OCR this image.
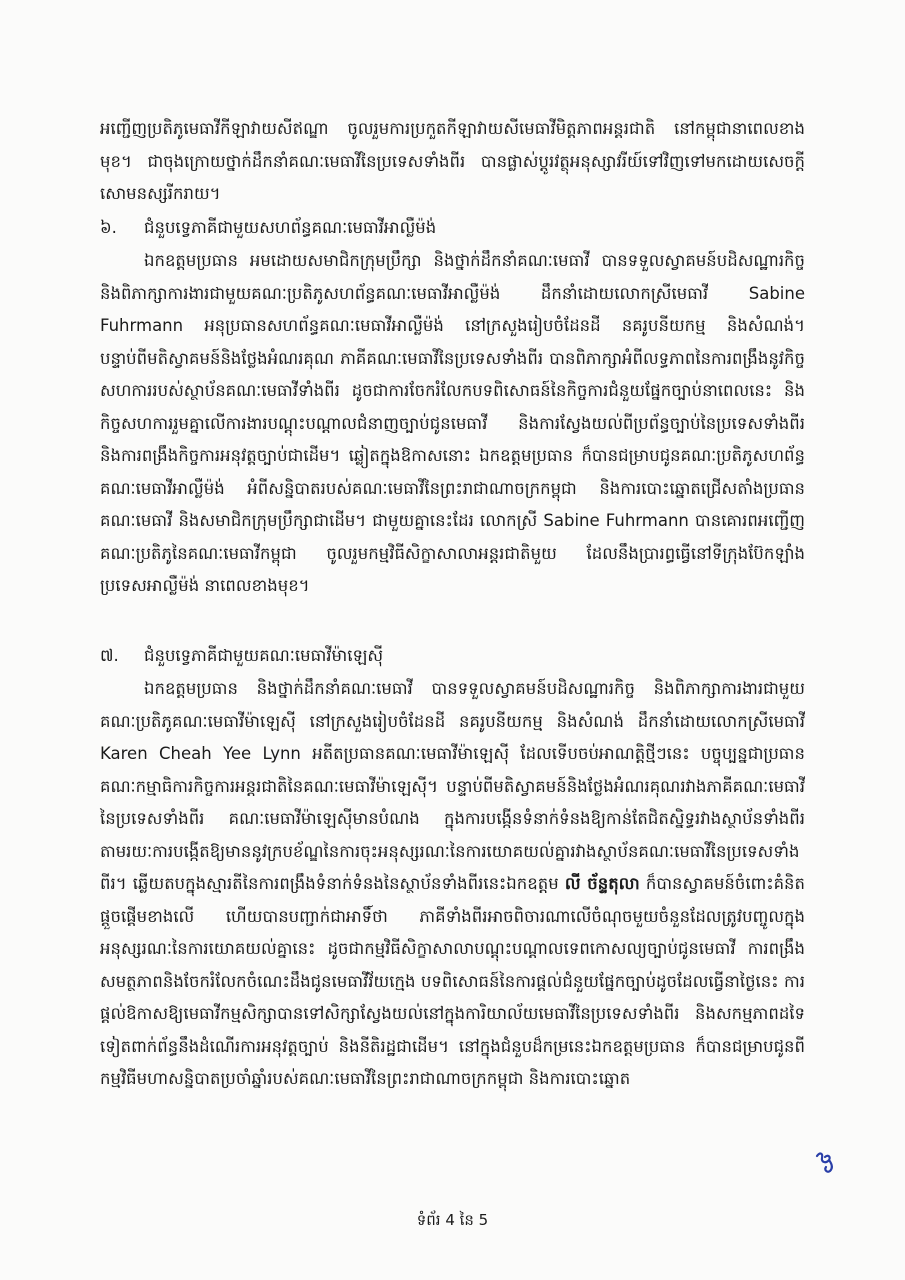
អញ្ជើញប្រតិភូមេធាវីកីឡាវាយសីឥណ្ឌា ចូលរួមការប្រកួតកីឡាវាយសីមេធាវីមិត្តភាពអន្តរជាតិ នៅកម្ពុជានាពេលខាងមុខ។ ជាចុងក្រោយថ្នាក់ដឹកនាំគណៈមេធាវីនៃប្រទេសទាំងពីរ បានផ្លាស់ប្តូរវត្ថុអនុស្សាវរីយ៍ទៅវិញទៅមកដោយសេចក្តីសោមនស្សរីករាយ។

៦. ជំនួបទ្វេភាគីជាមួយសហព័ន្ធគណៈមេធាវីអាល្លឺម៉ង់

ឯកឧត្តមប្រធាន អមដោយសមាជិកក្រុមប្រឹក្សា និងថ្នាក់ដឹកនាំគណៈមេធាវី បានទទួលស្វាគមន៍បដិសណ្ឋារកិច្ចនិងពិភាក្សាការងារជាមួយគណៈប្រតិភូសហព័ន្ធគណៈមេធាវីអាល្លឺម៉ង់ ដឹកនាំដោយលោកស្រីមេធាវី Sabine Fuhrmann អនុប្រធានសហព័ន្ធគណៈមេធាវីអាល្លឺម៉ង់ នៅក្រសួងរៀបចំដែនដី នគរូបនីយកម្ម និងសំណង់។ បន្ទាប់ពីមតិស្វាគមន៍និងថ្លែងអំណរគុណ ភាគីគណៈមេធាវីនៃប្រទេសទាំងពីរ បានពិភាក្សាអំពីលទ្ធភាពនៃការពង្រឹងនូវកិច្ចសហការរបស់ស្ថាប័នគណៈមេធាវីទាំងពីរ ដូចជាការចែករំលែកបទពិសោធន៍នៃកិច្ចការជំនួយផ្នែកច្បាប់នាពេលនេះ និងកិច្ចសហការរួមគ្នាលើការងារបណ្តុះបណ្តាលជំនាញច្បាប់ជូនមេធាវី និងការស្វែងយល់ពីប្រព័ន្ធច្បាប់នៃប្រទេសទាំងពីរ និងការពង្រឹងកិច្ចការអនុវត្តច្បាប់ជាដើម។ ឆ្លៀតក្នុងឱកាសនោះ ឯកឧត្តមប្រធាន ក៏បានជម្រាបជូនគណៈប្រតិភូសហព័ន្ធគណៈមេធាវីអាល្លឺម៉ង់ អំពីសន្និបាតរបស់គណៈមេធាវីនៃព្រះរាជាណាចក្រកម្ពុជា និងការបោះឆ្នោតជ្រើសតាំងប្រធានគណៈមេធាវី និងសមាជិកក្រុមប្រឹក្សាជាដើម។ ជាមួយគ្នានេះដែរ លោកស្រី Sabine Fuhrmann បានគោរពអញ្ជើញគណៈប្រតិភូនៃគណៈមេធាវីកម្ពុជា ចូលរួមកម្មវិធីសិក្ខាសាលាអន្តរជាតិមួយ ដែលនឹងប្រារព្ធធ្វើនៅទីក្រុងប៊ែកឡាំង ប្រទេសអាល្លឺម៉ង់ នាពេលខាងមុខ។

៧. ជំនួបទ្វេភាគីជាមួយគណៈមេធាវីម៉ាឡេស៊ី

ឯកឧត្តមប្រធាន និងថ្នាក់ដឹកនាំគណៈមេធាវី បានទទួលស្វាគមន៍បដិសណ្ឋារកិច្ច និងពិភាក្សាការងារជាមួយគណៈប្រតិភូគណៈមេធាវីម៉ាឡេស៊ី នៅក្រសួងរៀបចំដែនដី នគរូបនីយកម្ម និងសំណង់ ដឹកនាំដោយលោកស្រីមេធាវី Karen Cheah Yee Lynn អតីតប្រធានគណៈមេធាវីម៉ាឡេស៊ី ដែលទើបចប់អាណត្តិថ្មីៗនេះ បច្ចុប្បន្នជាប្រធានគណៈកម្មាធិការកិច្ចការអន្តរជាតិនៃគណៈមេធាវីម៉ាឡេស៊ី។ បន្ទាប់ពីមតិស្វាគមន៍និងថ្លែងអំណរគុណរវាងភាគីគណៈមេធាវីនៃប្រទេសទាំងពីរ គណៈមេធាវីម៉ាឡេស៊ីមានបំណង ក្នុងការបង្កើនទំនាក់ទំនងឱ្យកាន់តែជិតស្និទ្ធរវាងស្ថាប័នទាំងពីរ តាមរយៈការបង្កើតឱ្យមាននូវក្របខ័ណ្ឌនៃការចុះអនុស្សរណៈនៃការយោគយល់គ្នារវាងស្ថាប័នគណៈមេធាវីនៃប្រទេសទាំងពីរ។ ឆ្លើយតបក្នុងស្មារតីនៃការពង្រឹងទំនាក់ទំនងនៃស្ថាប័នទាំងពីរនេះឯកឧត្តម លី ច័ន្ទតុលា ក៏បានស្វាគមន៍ចំពោះគំនិតផ្តួចផ្តើមខាងលើ ហើយបានបញ្ជាក់ជាអាទិ៍ថា ភាគីទាំងពីរអាចពិចារណាលើចំណុចមួយចំនួនដែលត្រូវបញ្ចូលក្នុងអនុស្សរណៈនៃការយោគយល់គ្នានេះ ដូចជាកម្មវិធីសិក្ខាសាលាបណ្តុះបណ្តាលទេពកោសល្យច្បាប់ជូនមេធាវី ការពង្រឹងសមត្ថភាពនិងចែករំលែកចំណេះដឹងជូនមេធាវីវ័យក្មេង បទពិសោធន៍នៃការផ្តល់ជំនួយផ្នែកច្បាប់ដូចដែលធ្វើនាថ្ងៃនេះ ការផ្តល់ឱកាសឱ្យមេធាវីកម្មសិក្សាបានទៅសិក្សាស្វែងយល់នៅក្នុងការិយាល័យមេធាវីនៃប្រទេសទាំងពីរ និងសកម្មភាពដទៃទៀតពាក់ព័ន្ធនឹងដំណើរការអនុវត្តច្បាប់ និងនីតិរដ្ឋជាដើម។ នៅក្នុងជំនួបដ៏កម្រនេះឯកឧត្តមប្រធាន ក៏បានជម្រាបជូនពីកម្មវិធីមហាសន្និបាតប្រចាំឆ្នាំរបស់គណៈមេធាវីនៃព្រះរាជាណាចក្រកម្ពុជា និងការបោះឆ្នោត

ទំព័រ 4 នៃ 5
